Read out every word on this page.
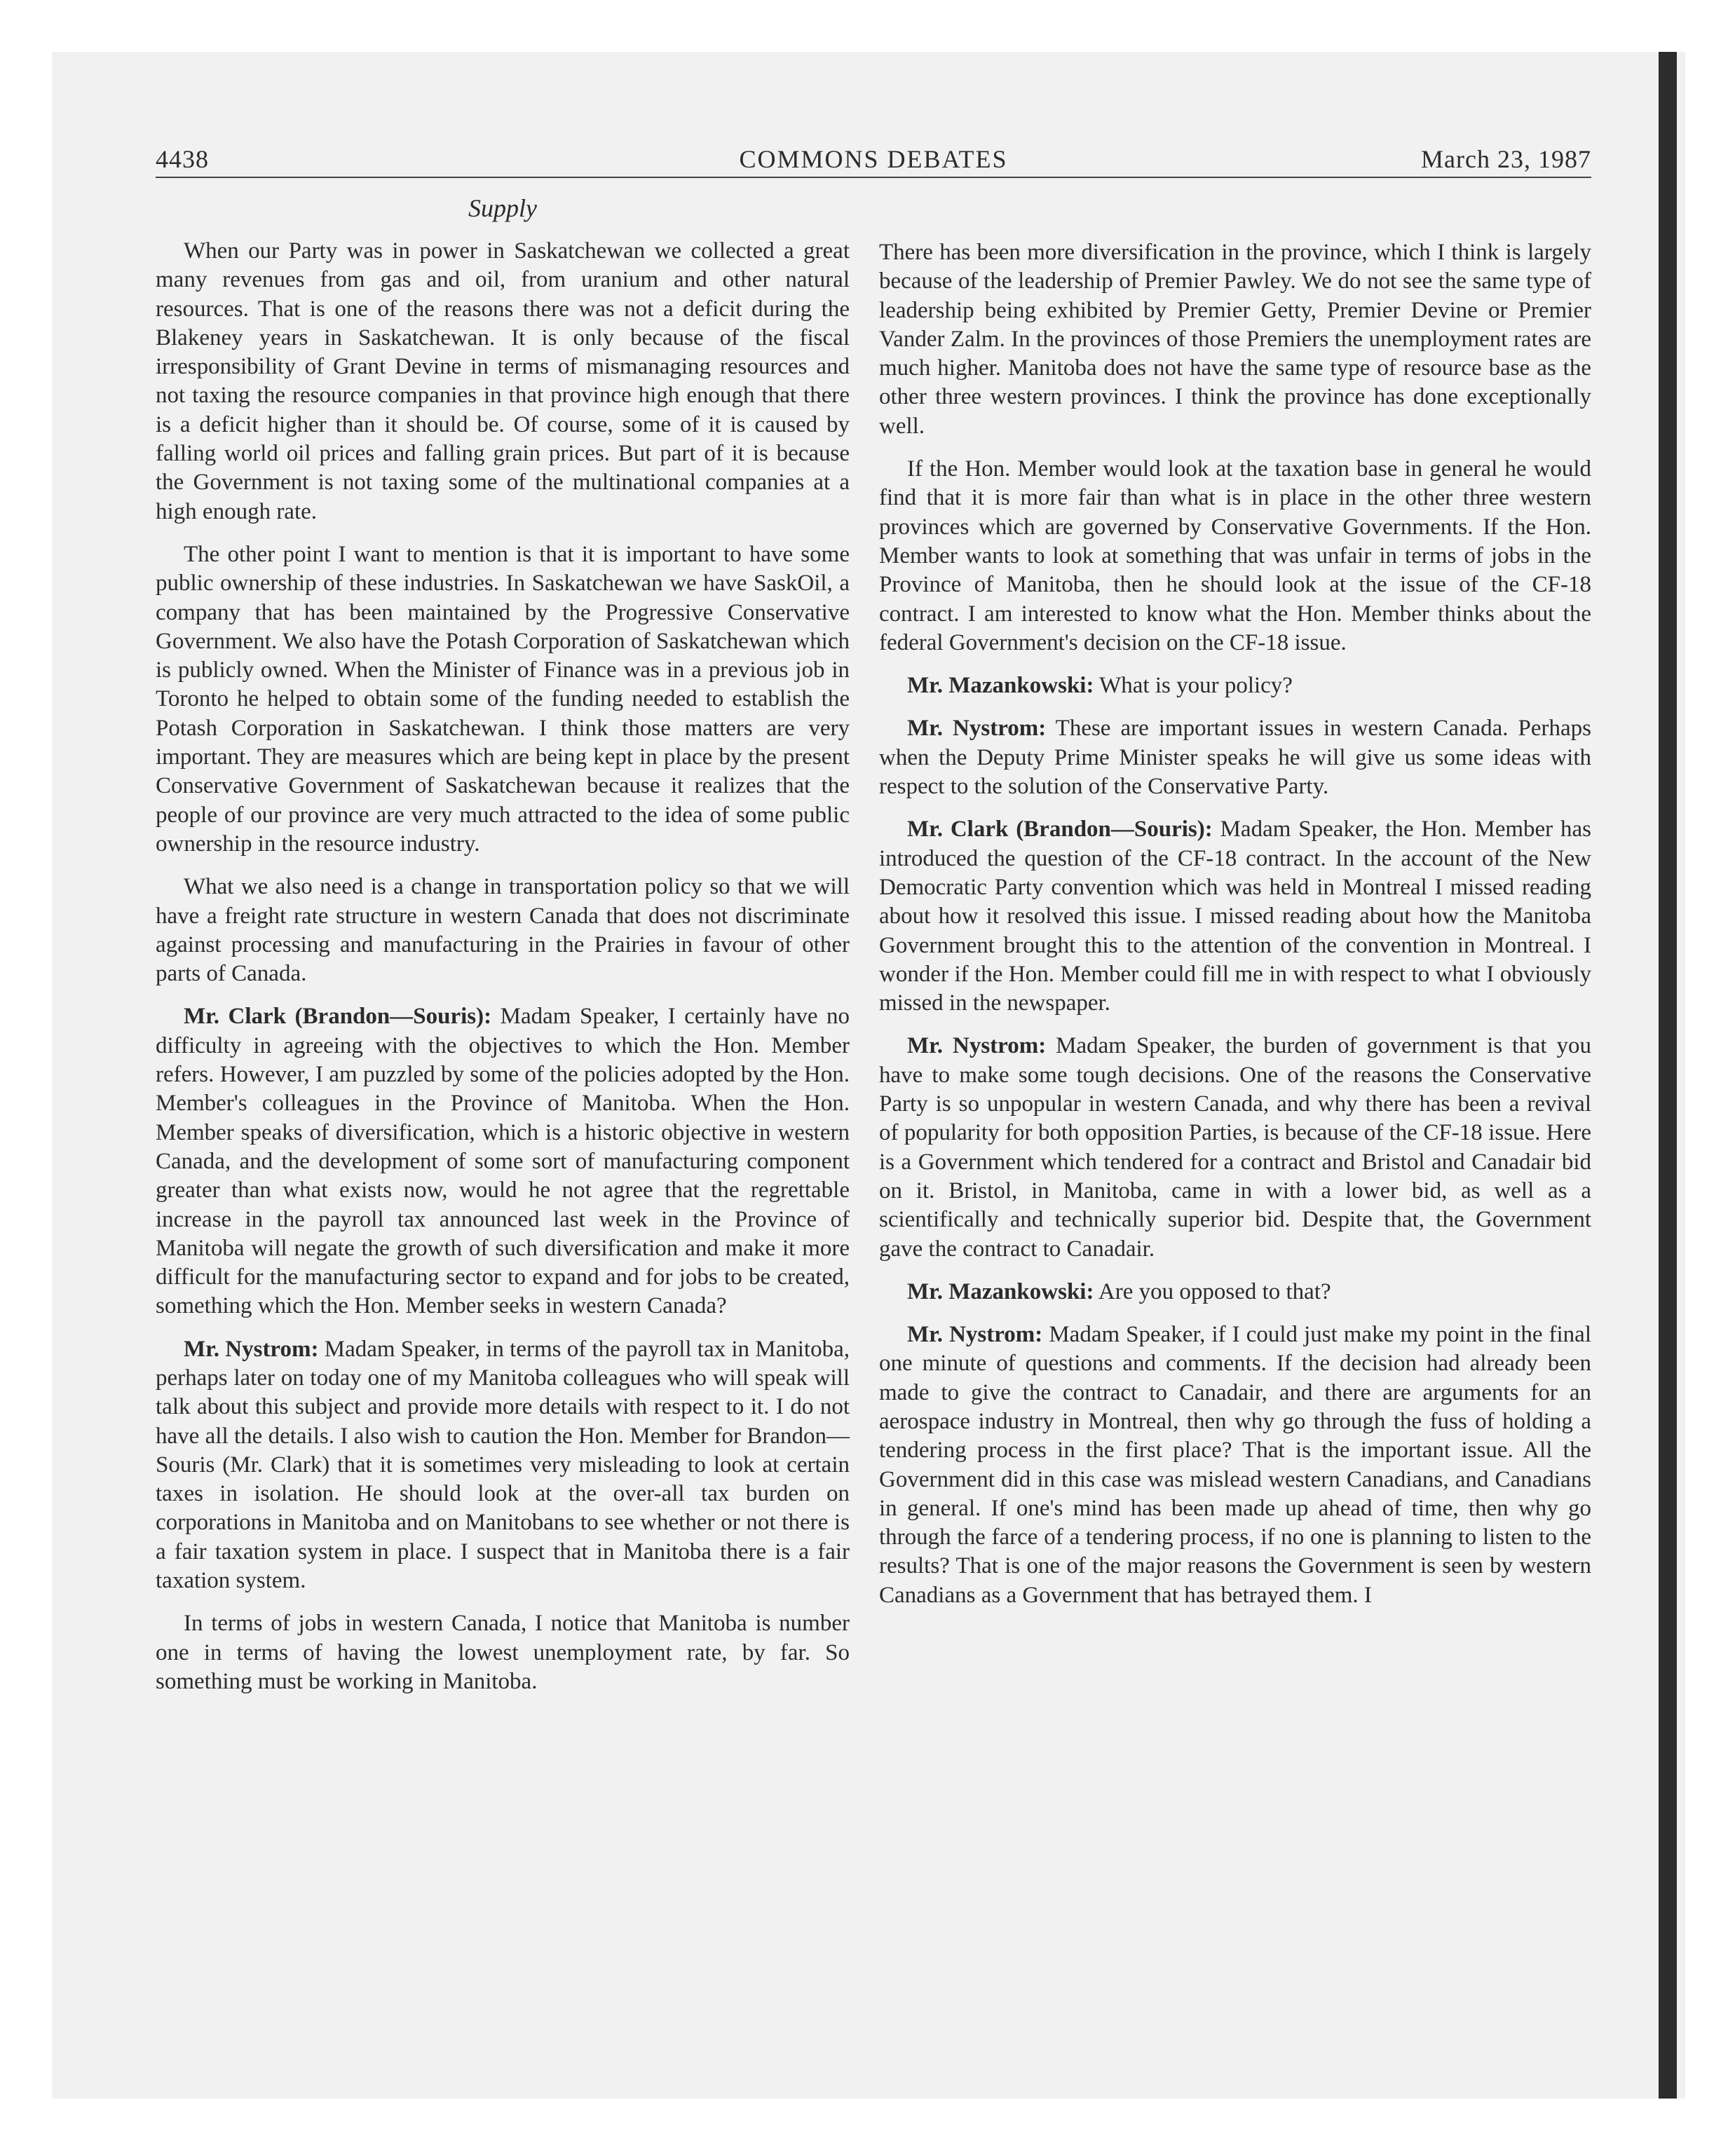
4438	COMMONS DEBATES	March 23, 1987
Supply

When our Party was in power in Saskatchewan we collected a great many revenues from gas and oil, from uranium and other natural resources. That is one of the reasons there was not a deficit during the Blakeney years in Saskatchewan. It is only because of the fiscal irresponsibility of Grant Devine in terms of mismanaging resources and not taxing the resource companies in that province high enough that there is a deficit higher than it should be. Of course, some of it is caused by falling world oil prices and falling grain prices. But part of it is because the Government is not taxing some of the multinational companies at a high enough rate.

The other point I want to mention is that it is important to have some public ownership of these industries. In Saskatchewan we have SaskOil, a company that has been maintained by the Progressive Conservative Government. We also have the Potash Corporation of Saskatchewan which is publicly owned. When the Minister of Finance was in a previous job in Toronto he helped to obtain some of the funding needed to establish the Potash Corporation in Saskatchewan. I think those matters are very important. They are measures which are being kept in place by the present Conservative Government of Saskatchewan because it realizes that the people of our province are very much attracted to the idea of some public ownership in the resource industry.

What we also need is a change in transportation policy so that we will have a freight rate structure in western Canada that does not discriminate against processing and manufacturing in the Prairies in favour of other parts of Canada.

Mr. Clark (Brandon—Souris): Madam Speaker, I certainly have no difficulty in agreeing with the objectives to which the Hon. Member refers. However, I am puzzled by some of the policies adopted by the Hon. Member's colleagues in the Province of Manitoba. When the Hon. Member speaks of diversification, which is a historic objective in western Canada, and the development of some sort of manufacturing component greater than what exists now, would he not agree that the regrettable increase in the payroll tax announced last week in the Province of Manitoba will negate the growth of such diversification and make it more difficult for the manufacturing sector to expand and for jobs to be created, something which the Hon. Member seeks in western Canada?

Mr. Nystrom: Madam Speaker, in terms of the payroll tax in Manitoba, perhaps later on today one of my Manitoba colleagues who will speak will talk about this subject and provide more details with respect to it. I do not have all the details. I also wish to caution the Hon. Member for Brandon—Souris (Mr. Clark) that it is sometimes very misleading to look at certain taxes in isolation. He should look at the over-all tax burden on corporations in Manitoba and on Manitobans to see whether or not there is a fair taxation system in place. I suspect that in Manitoba there is a fair taxation system.

In terms of jobs in western Canada, I notice that Manitoba is number one in terms of having the lowest unemployment rate, by far. So something must be working in Manitoba.

There has been more diversification in the province, which I think is largely because of the leadership of Premier Pawley. We do not see the same type of leadership being exhibited by Premier Getty, Premier Devine or Premier Vander Zalm. In the provinces of those Premiers the unemployment rates are much higher. Manitoba does not have the same type of resource base as the other three western provinces. I think the province has done exceptionally well.

If the Hon. Member would look at the taxation base in general he would find that it is more fair than what is in place in the other three western provinces which are governed by Conservative Governments. If the Hon. Member wants to look at something that was unfair in terms of jobs in the Province of Manitoba, then he should look at the issue of the CF-18 contract. I am interested to know what the Hon. Member thinks about the federal Government's decision on the CF-18 issue.

Mr. Mazankowski: What is your policy?

Mr. Nystrom: These are important issues in western Canada. Perhaps when the Deputy Prime Minister speaks he will give us some ideas with respect to the solution of the Conservative Party.

Mr. Clark (Brandon—Souris): Madam Speaker, the Hon. Member has introduced the question of the CF-18 contract. In the account of the New Democratic Party convention which was held in Montreal I missed reading about how it resolved this issue. I missed reading about how the Manitoba Government brought this to the attention of the convention in Montreal. I wonder if the Hon. Member could fill me in with respect to what I obviously missed in the newspaper.

Mr. Nystrom: Madam Speaker, the burden of government is that you have to make some tough decisions. One of the reasons the Conservative Party is so unpopular in western Canada, and why there has been a revival of popularity for both opposition Parties, is because of the CF-18 issue. Here is a Government which tendered for a contract and Bristol and Canadair bid on it. Bristol, in Manitoba, came in with a lower bid, as well as a scientifically and technically superior bid. Despite that, the Government gave the contract to Canadair.

Mr. Mazankowski: Are you opposed to that?

Mr. Nystrom: Madam Speaker, if I could just make my point in the final one minute of questions and comments. If the decision had already been made to give the contract to Canadair, and there are arguments for an aerospace industry in Montreal, then why go through the fuss of holding a tendering process in the first place? That is the important issue. All the Government did in this case was mislead western Canadians, and Canadians in general. If one's mind has been made up ahead of time, then why go through the farce of a tendering process, if no one is planning to listen to the results? That is one of the major reasons the Government is seen by western Canadians as a Government that has betrayed them. I
